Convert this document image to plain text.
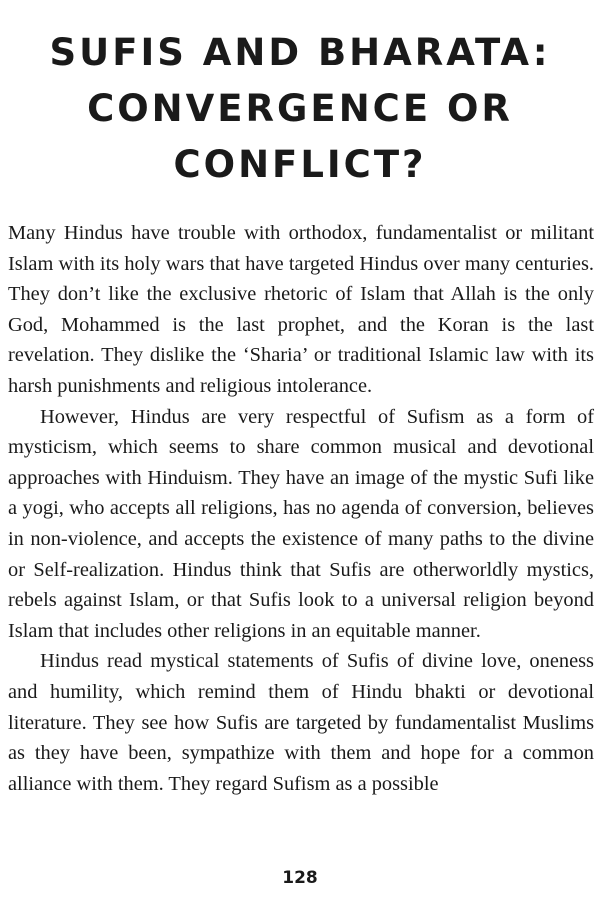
SUFIS AND BHARATA:
CONVERGENCE OR
CONFLICT?

Many Hindus have trouble with orthodox, fundamentalist or militant Islam with its holy wars that have targeted Hindus over many centuries. They don’t like the exclusive rhetoric of Islam that Allah is the only God, Mohammed is the last prophet, and the Koran is the last revelation. They dislike the ‘Sharia’ or traditional Islamic law with its harsh punishments and religious intolerance.

However, Hindus are very respectful of Sufism as a form of mysticism, which seems to share common musical and devotional approaches with Hinduism. They have an image of the mystic Sufi like a yogi, who accepts all religions, has no agenda of conversion, believes in non-violence, and accepts the existence of many paths to the divine or Self-realization. Hindus think that Sufis are otherworldly mystics, rebels against Islam, or that Sufis look to a universal religion beyond Islam that includes other religions in an equitable manner.

Hindus read mystical statements of Sufis of divine love, oneness and humility, which remind them of Hindu bhakti or devotional literature. They see how Sufis are targeted by fundamentalist Muslims as they have been, sympathize with them and hope for a common alliance with them. They regard Sufism as a possible

128
